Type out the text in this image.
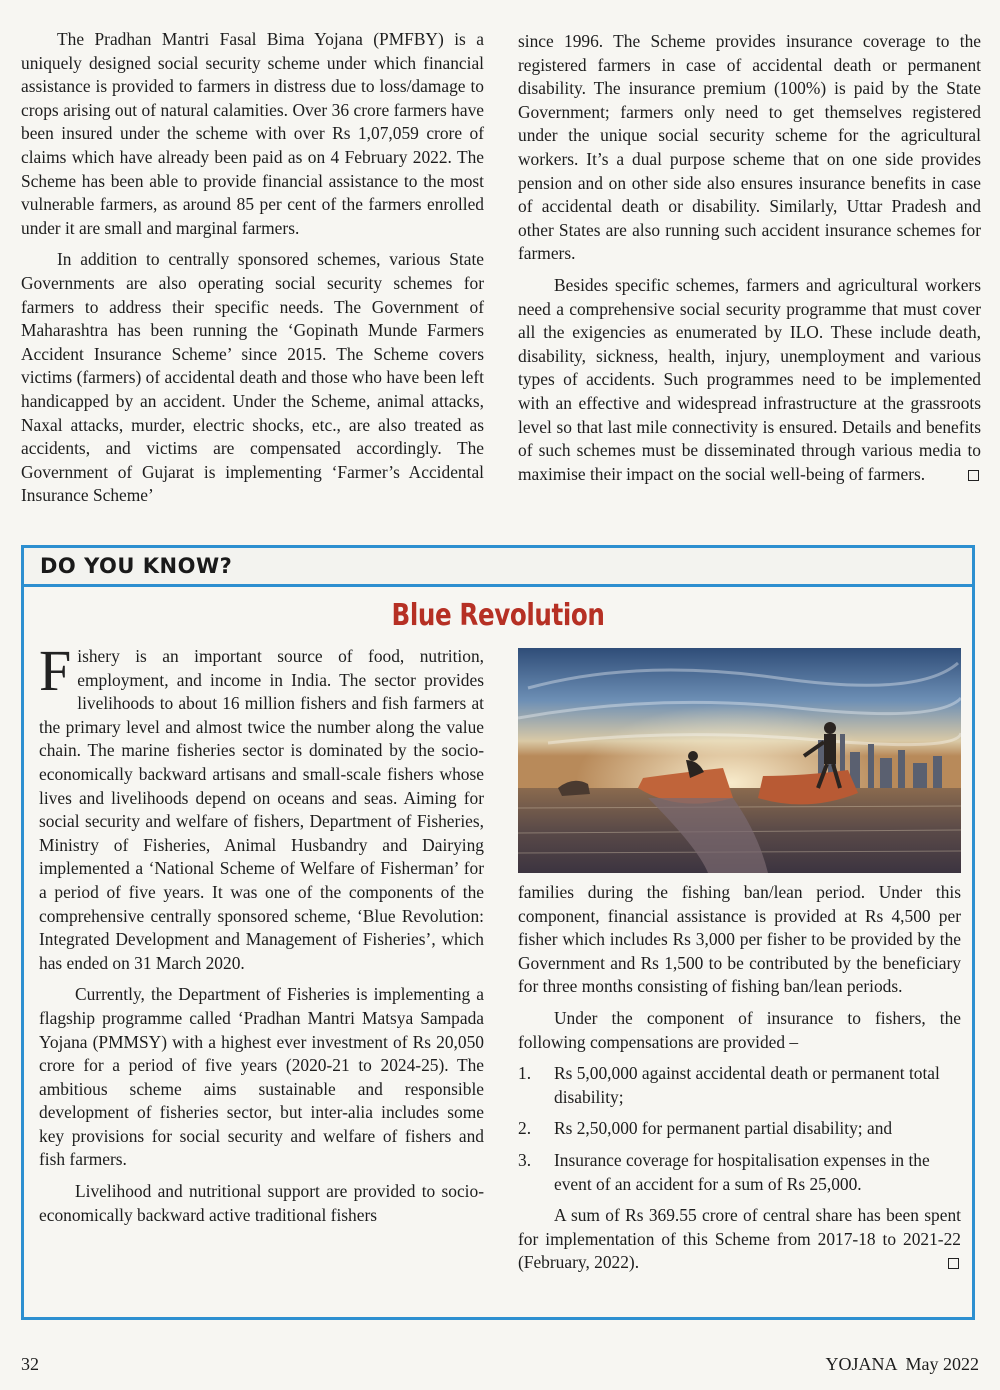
The Pradhan Mantri Fasal Bima Yojana (PMFBY) is a uniquely designed social security scheme under which financial assistance is provided to farmers in distress due to loss/damage to crops arising out of natural calamities. Over 36 crore farmers have been insured under the scheme with over Rs 1,07,059 crore of claims which have already been paid as on 4 February 2022. The Scheme has been able to provide financial assistance to the most vulnerable farmers, as around 85 per cent of the farmers enrolled under it are small and marginal farmers.

In addition to centrally sponsored schemes, various State Governments are also operating social security schemes for farmers to address their specific needs. The Government of Maharashtra has been running the ‘Gopinath Munde Farmers Accident Insurance Scheme’ since 2015. The Scheme covers victims (farmers) of accidental death and those who have been left handicapped by an accident. Under the Scheme, animal attacks, Naxal attacks, murder, electric shocks, etc., are also treated as accidents, and victims are compensated accordingly. The Government of Gujarat is implementing ‘Farmer’s Accidental Insurance Scheme’

since 1996. The Scheme provides insurance coverage to the registered farmers in case of accidental death or permanent disability. The insurance premium (100%) is paid by the State Government; farmers only need to get themselves registered under the unique social security scheme for the agricultural workers. It’s a dual purpose scheme that on one side provides pension and on other side also ensures insurance benefits in case of accidental death or disability. Similarly, Uttar Pradesh and other States are also running such accident insurance schemes for farmers.

Besides specific schemes, farmers and agricultural workers need a comprehensive social security programme that must cover all the exigencies as enumerated by ILO. These include death, disability, sickness, health, injury, unemployment and various types of accidents. Such programmes need to be implemented with an effective and widespread infrastructure at the grassroots level so that last mile connectivity is ensured. Details and benefits of such schemes must be disseminated through various media to maximise their impact on the social well-being of farmers.

DO YOU KNOW?
Blue Revolution

Fishery is an important source of food, nutrition, employment, and income in India. The sector provides livelihoods to about 16 million fishers and fish farmers at the primary level and almost twice the number along the value chain. The marine fisheries sector is dominated by the socio-economically backward artisans and small-scale fishers whose lives and livelihoods depend on oceans and seas. Aiming for social security and welfare of fishers, Department of Fisheries, Ministry of Fisheries, Animal Husbandry and Dairying implemented a ‘National Scheme of Welfare of Fisherman’ for a period of five years. It was one of the components of the comprehensive centrally sponsored scheme, ‘Blue Revolution: Integrated Development and Management of Fisheries’, which has ended on 31 March 2020.

Currently, the Department of Fisheries is implementing a flagship programme called ‘Pradhan Mantri Matsya Sampada Yojana (PMMSY) with a highest ever investment of Rs 20,050 crore for a period of five years (2020-21 to 2024-25). The ambitious scheme aims sustainable and responsible development of fisheries sector, but inter-alia includes some key provisions for social security and welfare of fishers and fish farmers.

Livelihood and nutritional support are provided to socio-economically backward active traditional fishers

families during the fishing ban/lean period. Under this component, financial assistance is provided at Rs 4,500 per fisher which includes Rs 3,000 per fisher to be provided by the Government and Rs 1,500 to be contributed by the beneficiary for three months consisting of fishing ban/lean periods.

Under the component of insurance to fishers, the following compensations are provided –

1. Rs 5,00,000 against accidental death or permanent total disability;
2. Rs 2,50,000 for permanent partial disability; and
3. Insurance coverage for hospitalisation expenses in the event of an accident for a sum of Rs 25,000.

A sum of Rs 369.55 crore of central share has been spent for implementation of this Scheme from 2017-18 to 2021-22 (February, 2022).

32	YOJANA  May 2022
